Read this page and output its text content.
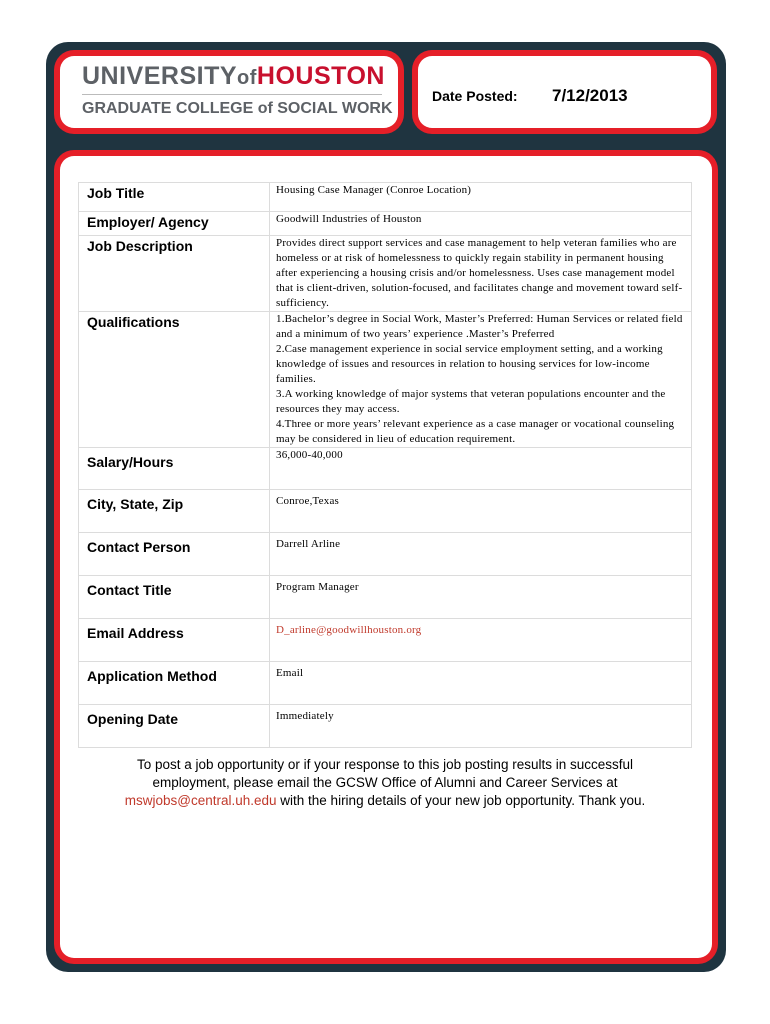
UNIVERSITYofHOUSTON
GRADUATE COLLEGE of SOCIAL WORK
Date Posted: 7/12/2013
Job Title	Housing Case Manager (Conroe Location)
Employer/ Agency	Goodwill Industries of Houston
Job Description	Provides direct support services and case management to help veteran families who are homeless or at risk of homelessness to quickly regain stability in permanent housing after experiencing a housing crisis and/or homelessness. Uses case management model that is client-driven, solution-focused, and facilitates change and movement toward self-sufficiency.
Qualifications	1.Bachelor’s degree in Social Work, Master’s Preferred: Human Services or related field and a minimum of two years’ experience .Master’s Preferred
2.Case management experience in social service employment setting, and a working knowledge of issues and resources in relation to housing services for low-income families.
3.A working knowledge of major systems that veteran populations encounter and the resources they may access.
4.Three or more years’ relevant experience as a case manager or vocational counseling may be considered in lieu of education requirement.

Salary/Hours	36,000-40,000
City, State, Zip	Conroe,Texas
Contact Person	Darrell Arline
Contact Title	Program Manager
Email Address	D_arline@goodwillhouston.org
Application Method	Email
Opening Date	Immediately
To post a job opportunity or if your response to this job posting results in successful employment, please email the GCSW Office of Alumni and Career Services at mswjobs@central.uh.edu with the hiring details of your new job opportunity. Thank you.
